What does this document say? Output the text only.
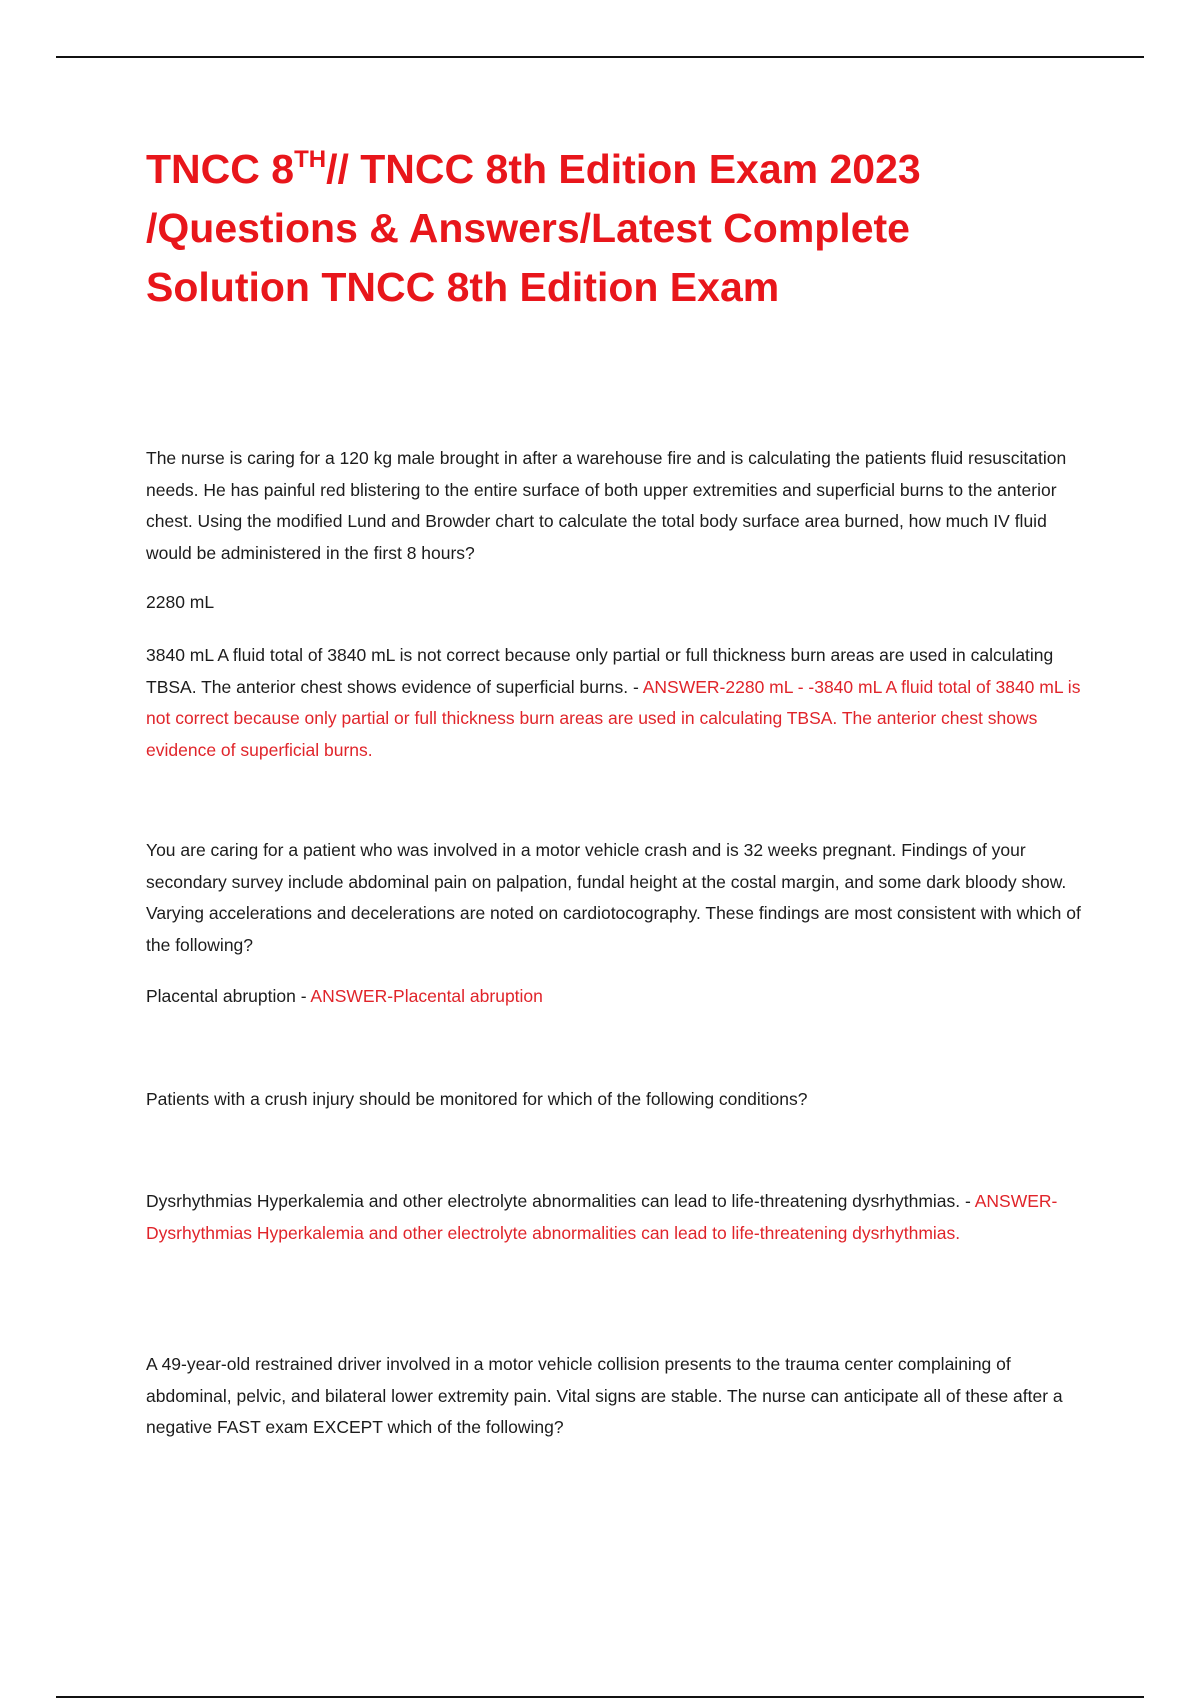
TNCC 8TH// TNCC 8th Edition Exam 2023
/Questions & Answers/Latest Complete
Solution TNCC 8th Edition Exam

The nurse is caring for a 120 kg male brought in after a warehouse fire and is calculating the patients fluid resuscitation needs. He has painful red blistering to the entire surface of both upper extremities and superficial burns to the anterior chest. Using the modified Lund and Browder chart to calculate the total body surface area burned, how much IV fluid would be administered in the first 8 hours?

2280 mL

3840 mL A fluid total of 3840 mL is not correct because only partial or full thickness burn areas are used in calculating TBSA. The anterior chest shows evidence of superficial burns. - ANSWER-2280 mL - -3840 mL A fluid total of 3840 mL is not correct because only partial or full thickness burn areas are used in calculating TBSA. The anterior chest shows evidence of superficial burns.

You are caring for a patient who was involved in a motor vehicle crash and is 32 weeks pregnant. Findings of your secondary survey include abdominal pain on palpation, fundal height at the costal margin, and some dark bloody show. Varying accelerations and decelerations are noted on cardiotocography. These findings are most consistent with which of the following?

Placental abruption - ANSWER-Placental abruption

Patients with a crush injury should be monitored for which of the following conditions?

Dysrhythmias Hyperkalemia and other electrolyte abnormalities can lead to life-threatening dysrhythmias. - ANSWER-Dysrhythmias Hyperkalemia and other electrolyte abnormalities can lead to life-threatening dysrhythmias.

A 49-year-old restrained driver involved in a motor vehicle collision presents to the trauma center complaining of abdominal, pelvic, and bilateral lower extremity pain. Vital signs are stable. The nurse can anticipate all of these after a negative FAST exam EXCEPT which of the following?
